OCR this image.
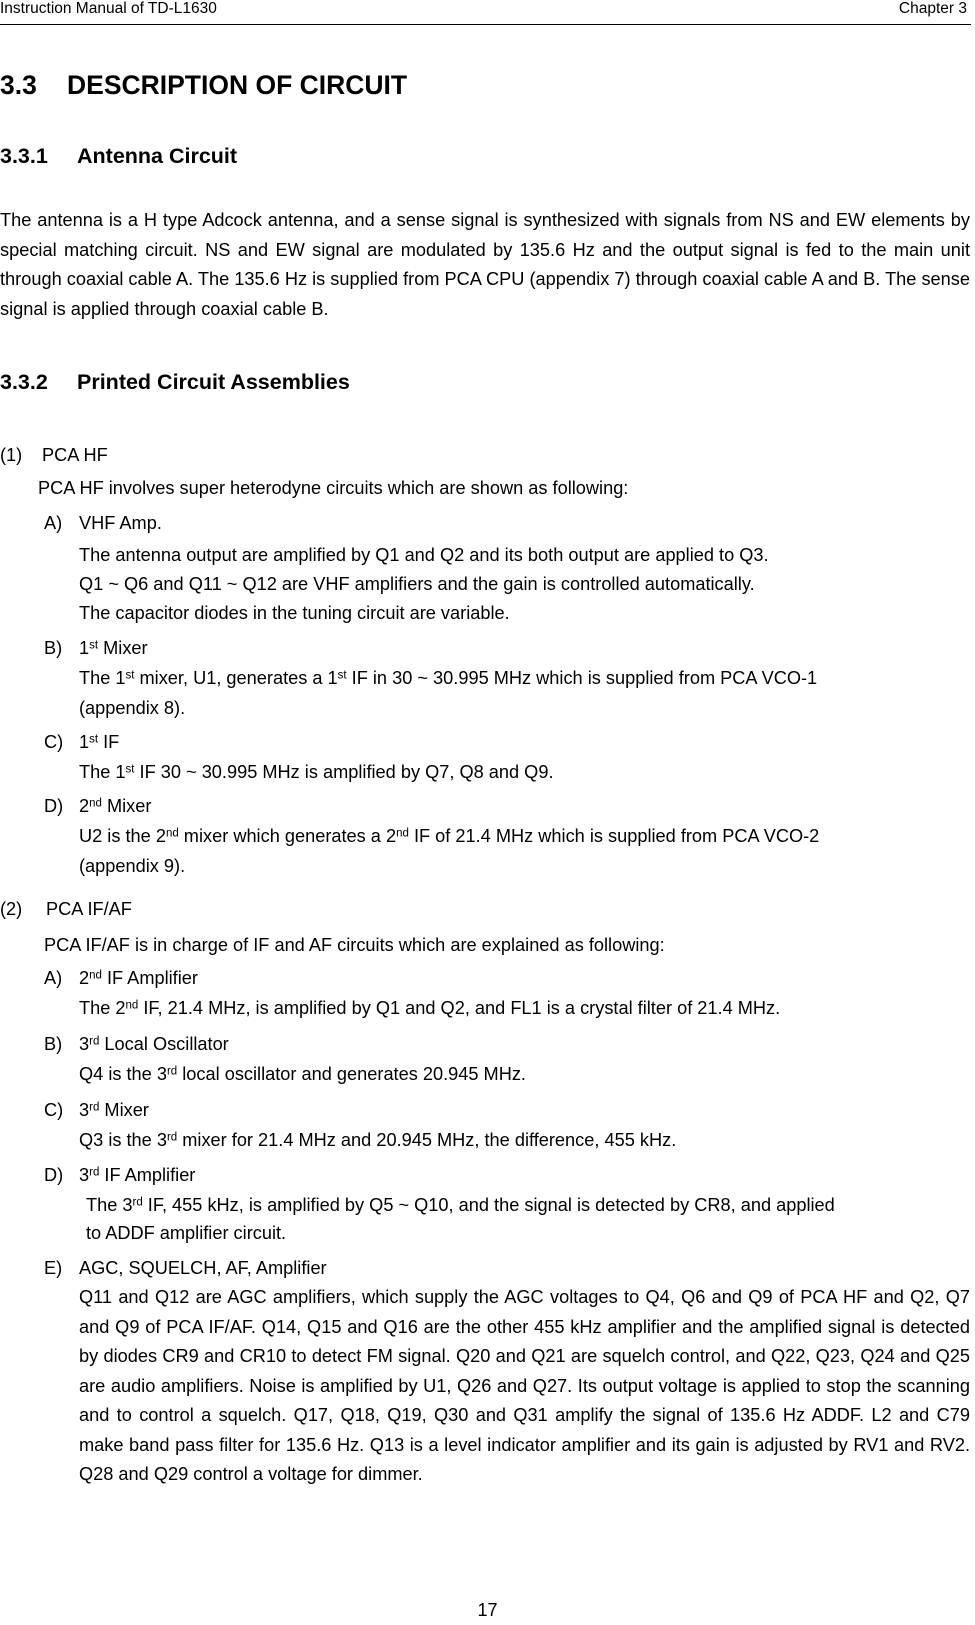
Instruction Manual of TD-L1630	Chapter 3
3.3 DESCRIPTION OF CIRCUIT
3.3.1 Antenna Circuit
The antenna is a H type Adcock antenna, and a sense signal is synthesized with signals from NS and EW elements by special matching circuit. NS and EW signal are modulated by 135.6 Hz and the output signal is fed to the main unit through coaxial cable A. The 135.6 Hz is supplied from PCA CPU (appendix 7) through coaxial cable A and B. The sense signal is applied through coaxial cable B.
3.3.2 Printed Circuit Assemblies
(1) PCA HF
PCA HF involves super heterodyne circuits which are shown as following:
A) VHF Amp.
The antenna output are amplified by Q1 and Q2 and its both output are applied to Q3.
Q1 ~ Q6 and Q11 ~ Q12 are VHF amplifiers and the gain is controlled automatically.
The capacitor diodes in the tuning circuit are variable.
B) 1st Mixer
The 1st mixer, U1, generates a 1st IF in 30 ~ 30.995 MHz which is supplied from PCA VCO-1
(appendix 8).
C) 1st IF
The 1st IF 30 ~ 30.995 MHz is amplified by Q7, Q8 and Q9.
D) 2nd Mixer
U2 is the 2nd mixer which generates a 2nd IF of 21.4 MHz which is supplied from PCA VCO-2
(appendix 9).
(2) PCA IF/AF
PCA IF/AF is in charge of IF and AF circuits which are explained as following:
A) 2nd IF Amplifier
The 2nd IF, 21.4 MHz, is amplified by Q1 and Q2, and FL1 is a crystal filter of 21.4 MHz.
B) 3rd Local Oscillator
Q4 is the 3rd local oscillator and generates 20.945 MHz.
C) 3rd Mixer
Q3 is the 3rd mixer for 21.4 MHz and 20.945 MHz, the difference, 455 kHz.
D) 3rd IF Amplifier
The 3rd IF, 455 kHz, is amplified by Q5 ~ Q10, and the signal is detected by CR8, and applied
to ADDF amplifier circuit.
E) AGC, SQUELCH, AF, Amplifier
Q11 and Q12 are AGC amplifiers, which supply the AGC voltages to Q4, Q6 and Q9 of PCA HF and Q2, Q7 and Q9 of PCA IF/AF. Q14, Q15 and Q16 are the other 455 kHz amplifier and the amplified signal is detected by diodes CR9 and CR10 to detect FM signal. Q20 and Q21 are squelch control, and Q22, Q23, Q24 and Q25 are audio amplifiers. Noise is amplified by U1, Q26 and Q27. Its output voltage is applied to stop the scanning and to control a squelch. Q17, Q18, Q19, Q30 and Q31 amplify the signal of 135.6 Hz ADDF. L2 and C79 make band pass filter for 135.6 Hz. Q13 is a level indicator amplifier and its gain is adjusted by RV1 and RV2. Q28 and Q29 control a voltage for dimmer.
17
